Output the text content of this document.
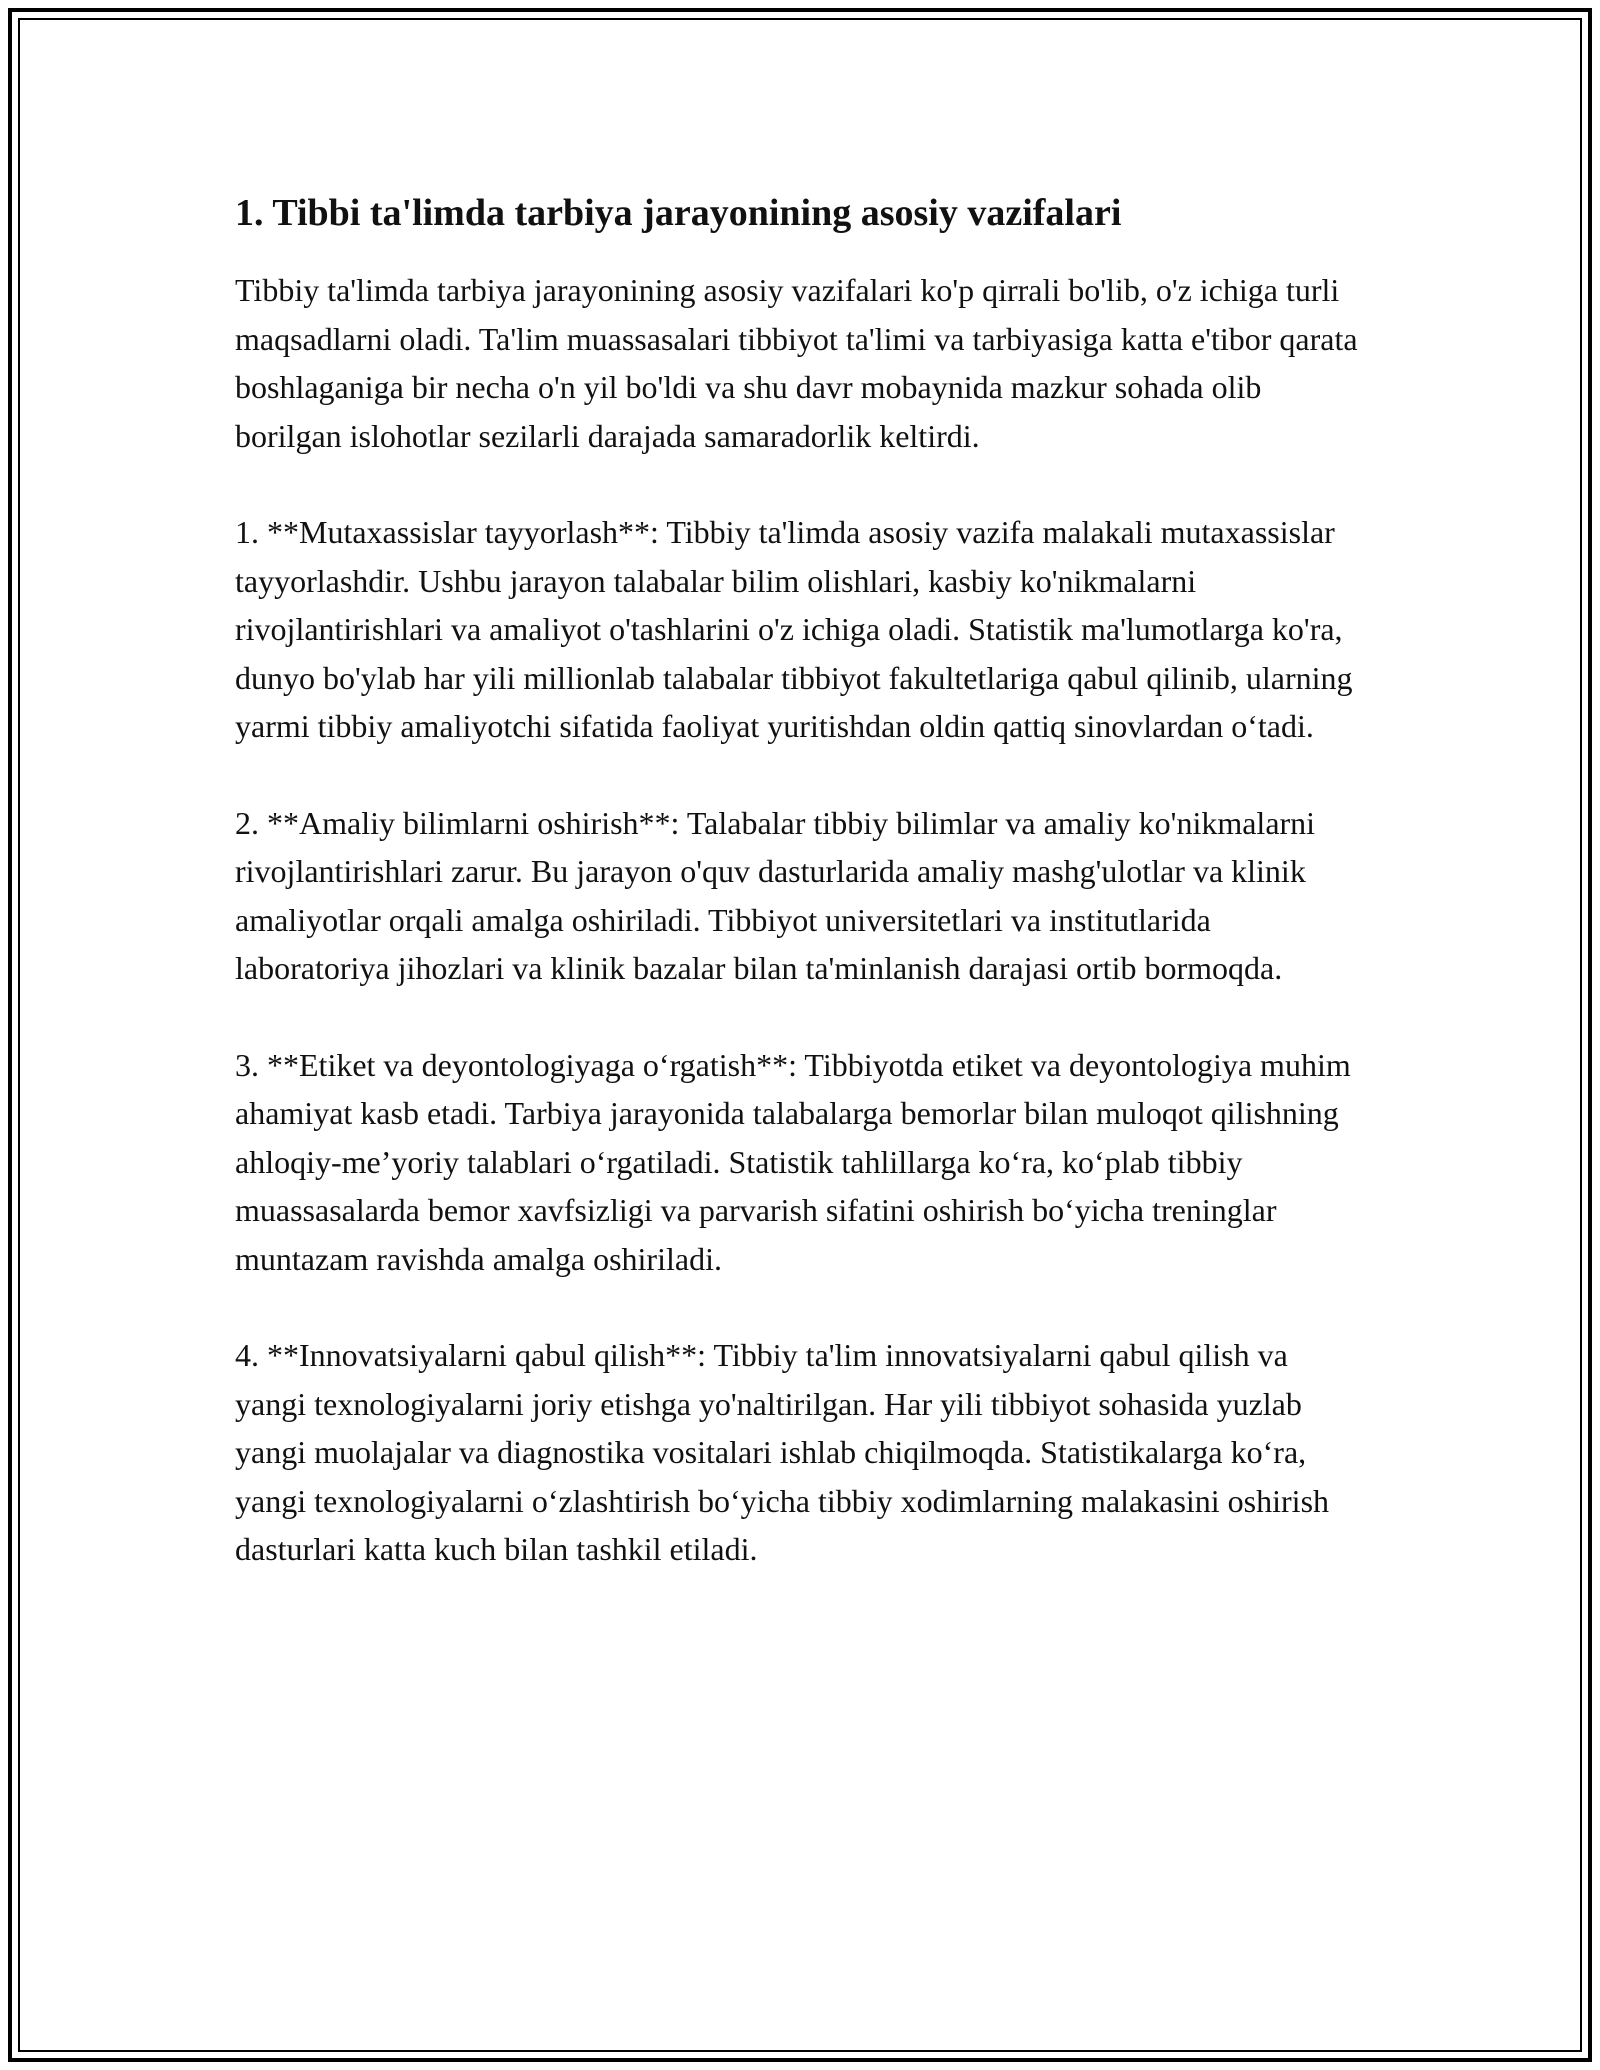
1. Tibbi ta'limda tarbiya jarayonining asosiy vazifalari

Tibbiy ta'limda tarbiya jarayonining asosiy vazifalari ko'p qirrali bo'lib, o'z ichiga turli maqsadlarni oladi. Ta'lim muassasalari tibbiyot ta'limi va tarbiyasiga katta e'tibor qarata boshlaganiga bir necha o'n yil bo'ldi va shu davr mobaynida mazkur sohada olib borilgan islohotlar sezilarli darajada samaradorlik keltirdi.

1. **Mutaxassislar tayyorlash**: Tibbiy ta'limda asosiy vazifa malakali mutaxassislar tayyorlashdir. Ushbu jarayon talabalar bilim olishlari, kasbiy ko'nikmalarni rivojlantirishlari va amaliyot o'tashlarini o'z ichiga oladi. Statistik ma'lumotlarga ko'ra, dunyo bo'ylab har yili millionlab talabalar tibbiyot fakultetlariga qabul qilinib, ularning yarmi tibbiy amaliyotchi sifatida faoliyat yuritishdan oldin qattiq sinovlardan o‘tadi.

2. **Amaliy bilimlarni oshirish**: Talabalar tibbiy bilimlar va amaliy ko'nikmalarni rivojlantirishlari zarur. Bu jarayon o'quv dasturlarida amaliy mashg'ulotlar va klinik amaliyotlar orqali amalga oshiriladi. Tibbiyot universitetlari va institutlarida laboratoriya jihozlari va klinik bazalar bilan ta'minlanish darajasi ortib bormoqda.

3. **Etiket va deyontologiyaga o‘rgatish**: Tibbiyotda etiket va deyontologiya muhim ahamiyat kasb etadi. Tarbiya jarayonida talabalarga bemorlar bilan muloqot qilishning ahloqiy-me’yoriy talablari o‘rgatiladi. Statistik tahlillarga ko‘ra, ko‘plab tibbiy muassasalarda bemor xavfsizligi va parvarish sifatini oshirish bo‘yicha treninglar muntazam ravishda amalga oshiriladi.

4. **Innovatsiyalarni qabul qilish**: Tibbiy ta'lim innovatsiyalarni qabul qilish va yangi texnologiyalarni joriy etishga yo'naltirilgan. Har yili tibbiyot sohasida yuzlab yangi muolajalar va diagnostika vositalari ishlab chiqilmoqda. Statistikalarga ko‘ra, yangi texnologiyalarni o‘zlashtirish bo‘yicha tibbiy xodimlarning malakasini oshirish dasturlari katta kuch bilan tashkil etiladi.
